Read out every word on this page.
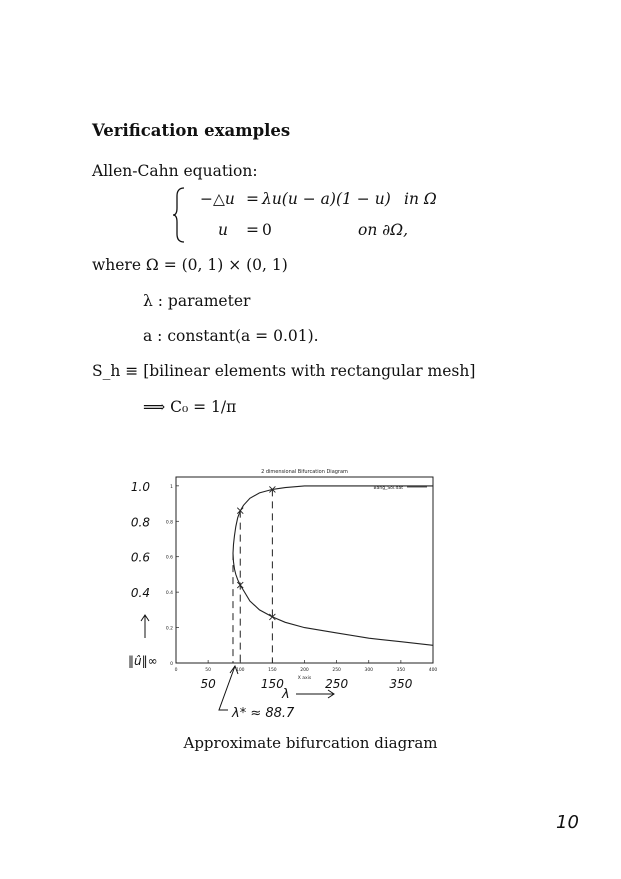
Verification examples
Allen-Cahn equation:
−△u = λu(u − a)(1 − u) in Ω
u = 0	on ∂Ω,
where Ω = (0, 1) × (0, 1)
λ : parameter
a : constant(a = 0.01).
S_h ≡ [bilinear elements with rectangular mesh]
⟹ C₀ = 1/π
2 dimensional Bifurcation Diagram
0	50	100	150	200	250	300	350	400
X axis
0
0.2
0.4
0.6
0.8
1	Bang_Sol.dat
50	150	250	350
1.0
0.8
0.6
0.4
‖û‖∞
λ
λ* ≈ 88.7
Approximate bifurcation diagram
10
